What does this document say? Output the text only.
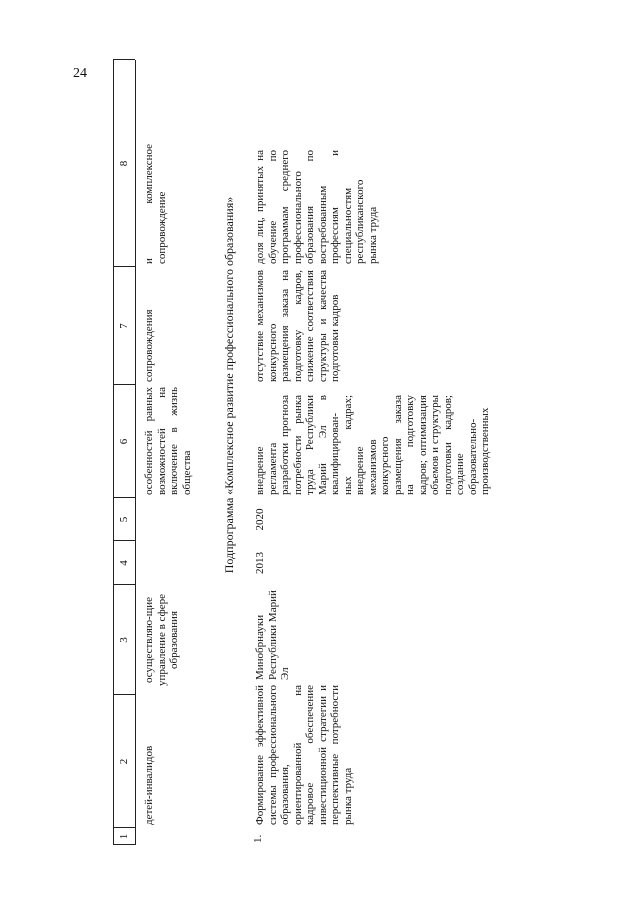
24
1
2
3
4
5
6
7
8
детей-инвалидов
осуществляю-щие управление в сфере образования
особенностей равных возможностей на включение в жизнь общества
сопровождения
и комплексное сопровождение	Подпрограмма «Комплексное развитие профессионального образования»
1.
Формирование эффективной системы профессионального образования, ориентированной на кадровое обеспечение инвестиционной стратегии и перспективные потребности рынка труда
Минобрнауки Республики Марий Эл
2013
2020
внедрение регламента разработки прогноза потребности рынка труда Республики Марий Эл в квалифицирован-ных кадрах; внедрение механизмов конкурсного размещения заказа на подготовку кадров; оптимизация объемов и структуры подготовки кадров; создание образовательно-производственных
отсутствие механизмов конкурсного размещения заказа на подготовку кадров, снижение соответствия структуры и качества подготовки кадров
доля лиц, принятых на обучение по программам среднего профессионального образования по востребованным профессиям и специальностям республиканского рынка труда
